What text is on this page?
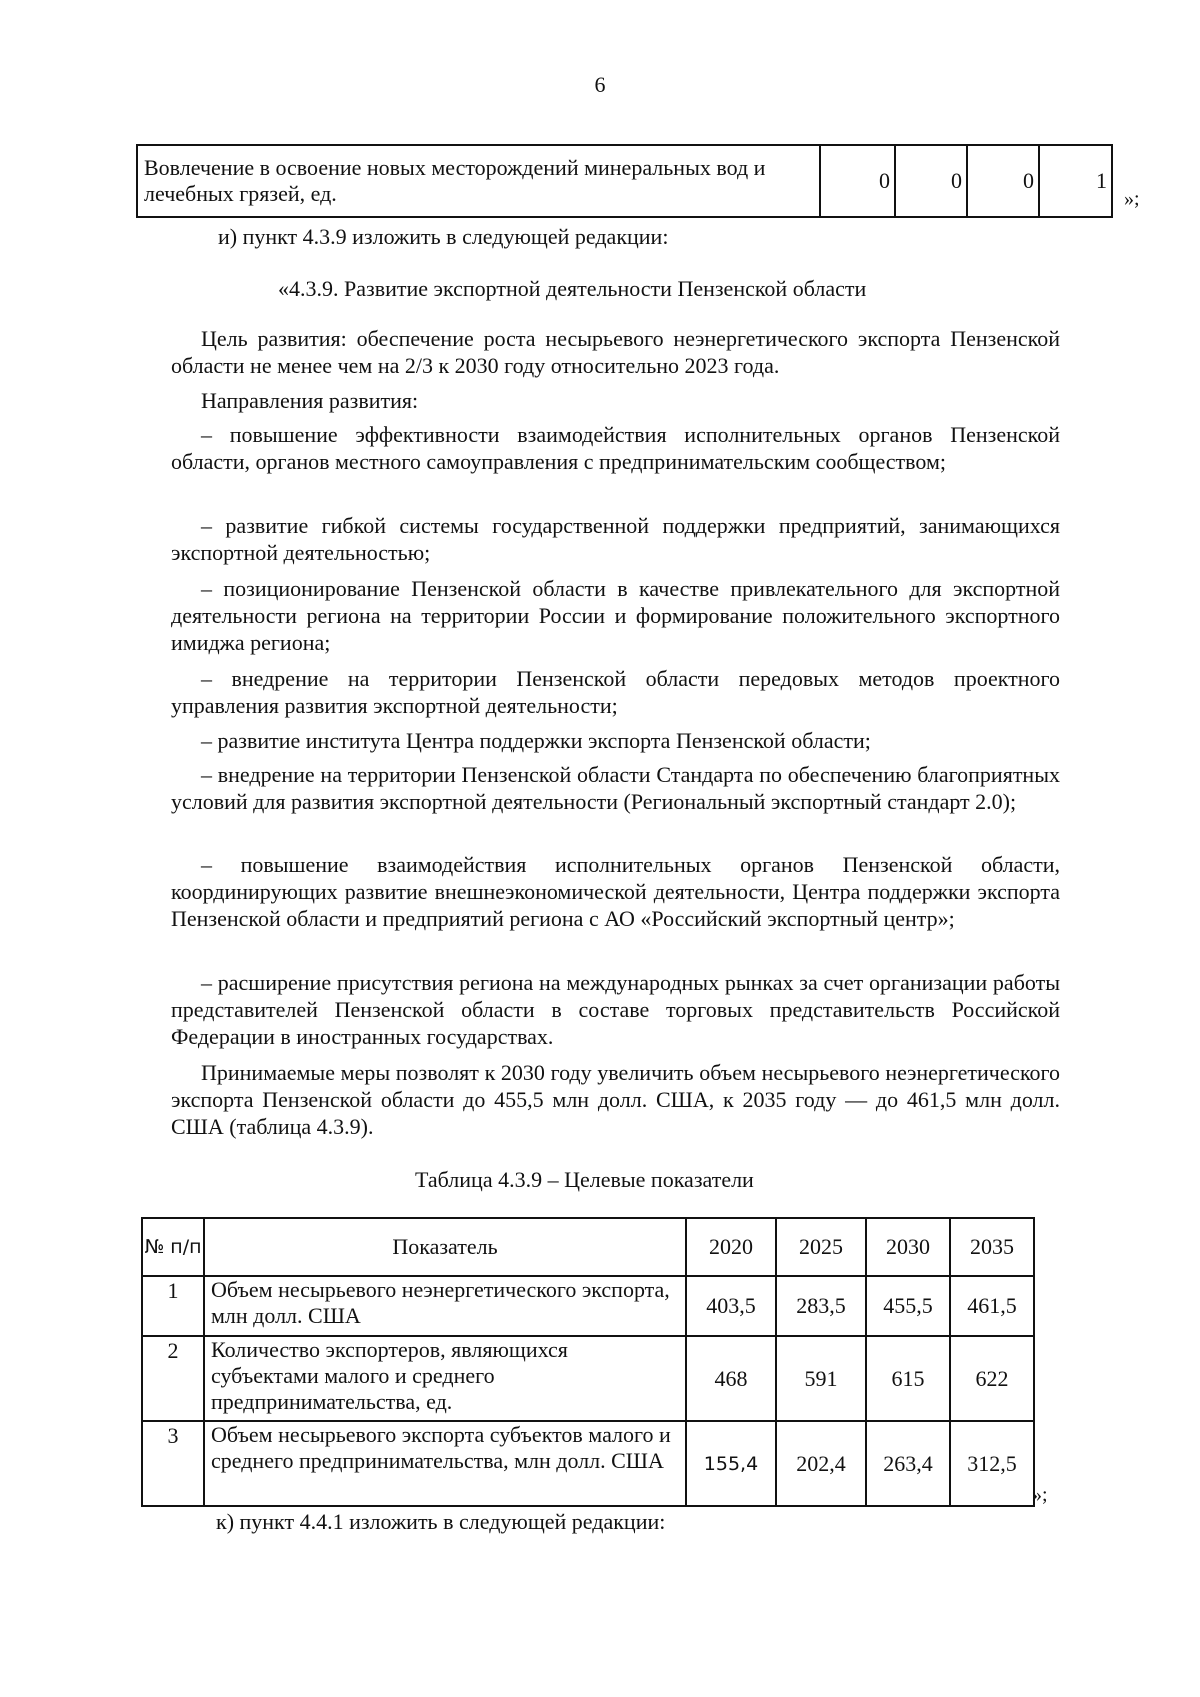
6
Вовлечение в освоение новых месторождений минеральных вод и лечебных грязей, ед.	0	0	0	1
»;

и) пункт 4.3.9 изложить в следующей редакции:

«4.3.9. Развитие экспортной деятельности Пензенской области

Цель развития: обеспечение роста несырьевого неэнергетического экспорта Пензенской области не менее чем на 2/3 к 2030 году относительно 2023 года.

Направления развития:

– повышение эффективности взаимодействия исполнительных органов Пензенской области, органов местного самоуправления с предпринимательским сообществом;

– развитие гибкой системы государственной поддержки предприятий, занимающихся экспортной деятельностью;

– позиционирование Пензенской области в качестве привлекательного для экспортной деятельности региона на территории России и формирование положительного экспортного имиджа региона;

– внедрение на территории Пензенской области передовых методов проектного управления развития экспортной деятельности;

– развитие института Центра поддержки экспорта Пензенской области;

– внедрение на территории Пензенской области Стандарта по обеспечению благоприятных условий для развития экспортной деятельности (Региональный экспортный стандарт 2.0);

– повышение взаимодействия исполнительных органов Пензенской области, координирующих развитие внешнеэкономической деятельности, Центра поддержки экспорта Пензенской области и предприятий региона с АО «Российский экспортный центр»;

– расширение присутствия региона на международных рынках за счет организации работы представителей Пензенской области в составе торговых представительств Российской Федерации в иностранных государствах.

Принимаемые меры позволят к 2030 году увеличить объем несырьевого неэнергетического экспорта Пензенской области до 455,5 млн долл. США, к 2035 году — до 461,5 млн долл. США (таблица 4.3.9).

Таблица 4.3.9 – Целевые показатели

№ п/п	Показатель	2020	2025	2030	2035
1	Объем несырьевого неэнергетического экспорта, млн долл. США	403,5	283,5	455,5	461,5
2	Количество экспортеров, являющихся субъектами малого и среднего предпринимательства, ед.	468	591	615	622
3	Объем несырьевого экспорта субъектов малого и среднего предпринимательства, млн долл. США	155,4	202,4	263,4	312,5
»;

к) пункт 4.4.1 изложить в следующей редакции:
